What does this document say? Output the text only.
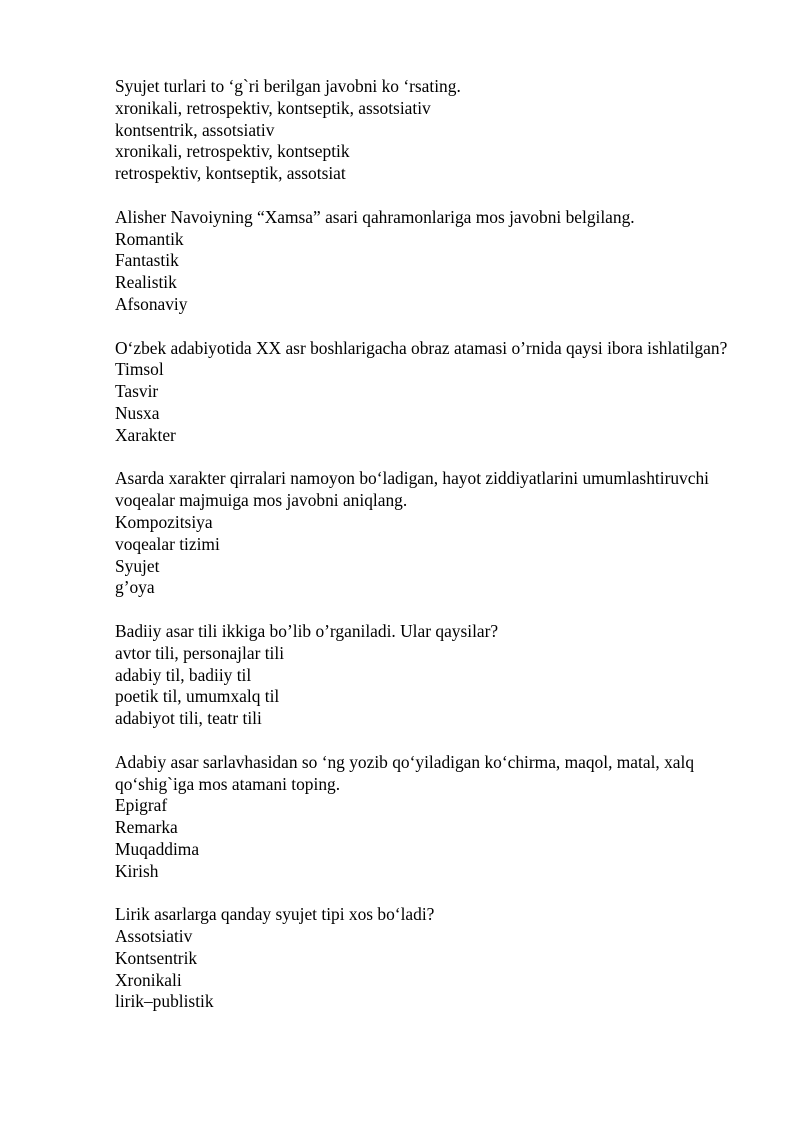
Syujet turlari to ‘g`ri berilgan javobni ko ‘rsating.
xronikali, retrospektiv, kontseptik, assotsiativ
kontsentrik, assotsiativ
xronikali, retrospektiv, kontseptik
retrospektiv, kontseptik, assotsiat
Alisher Navoiyning “Xamsa” asari qahramonlariga mos javobni belgilang.
Romantik
Fantastik
Realistik
Afsonaviy
O‘zbek adabiyotida XX asr boshlarigacha obraz atamasi o’rnida qaysi ibora ishlatilgan?
Timsol
Tasvir
Nusxa
Xarakter
Asarda xarakter qirralari namoyon bo‘ladigan, hayot ziddiyatlarini umumlashtiruvchi voqealar majmuiga mos javobni aniqlang.
Kompozitsiya
voqealar tizimi
Syujet
g’oya
Badiiy asar tili ikkiga bo’lib o’rganiladi. Ular qaysilar?
avtor tili, personajlar tili
adabiy til, badiiy til
poetik til, umumxalq til
adabiyot tili, teatr tili
Adabiy asar sarlavhasidan so ‘ng yozib qo‘yiladigan ko‘chirma, maqol, matal, xalq qo‘shig`iga mos atamani toping.
Epigraf
Remarka
Muqaddima
Kirish
Lirik asarlarga qanday syujet tipi xos bo‘ladi?
Assotsiativ
Kontsentrik
Xronikali
lirik–publistik
